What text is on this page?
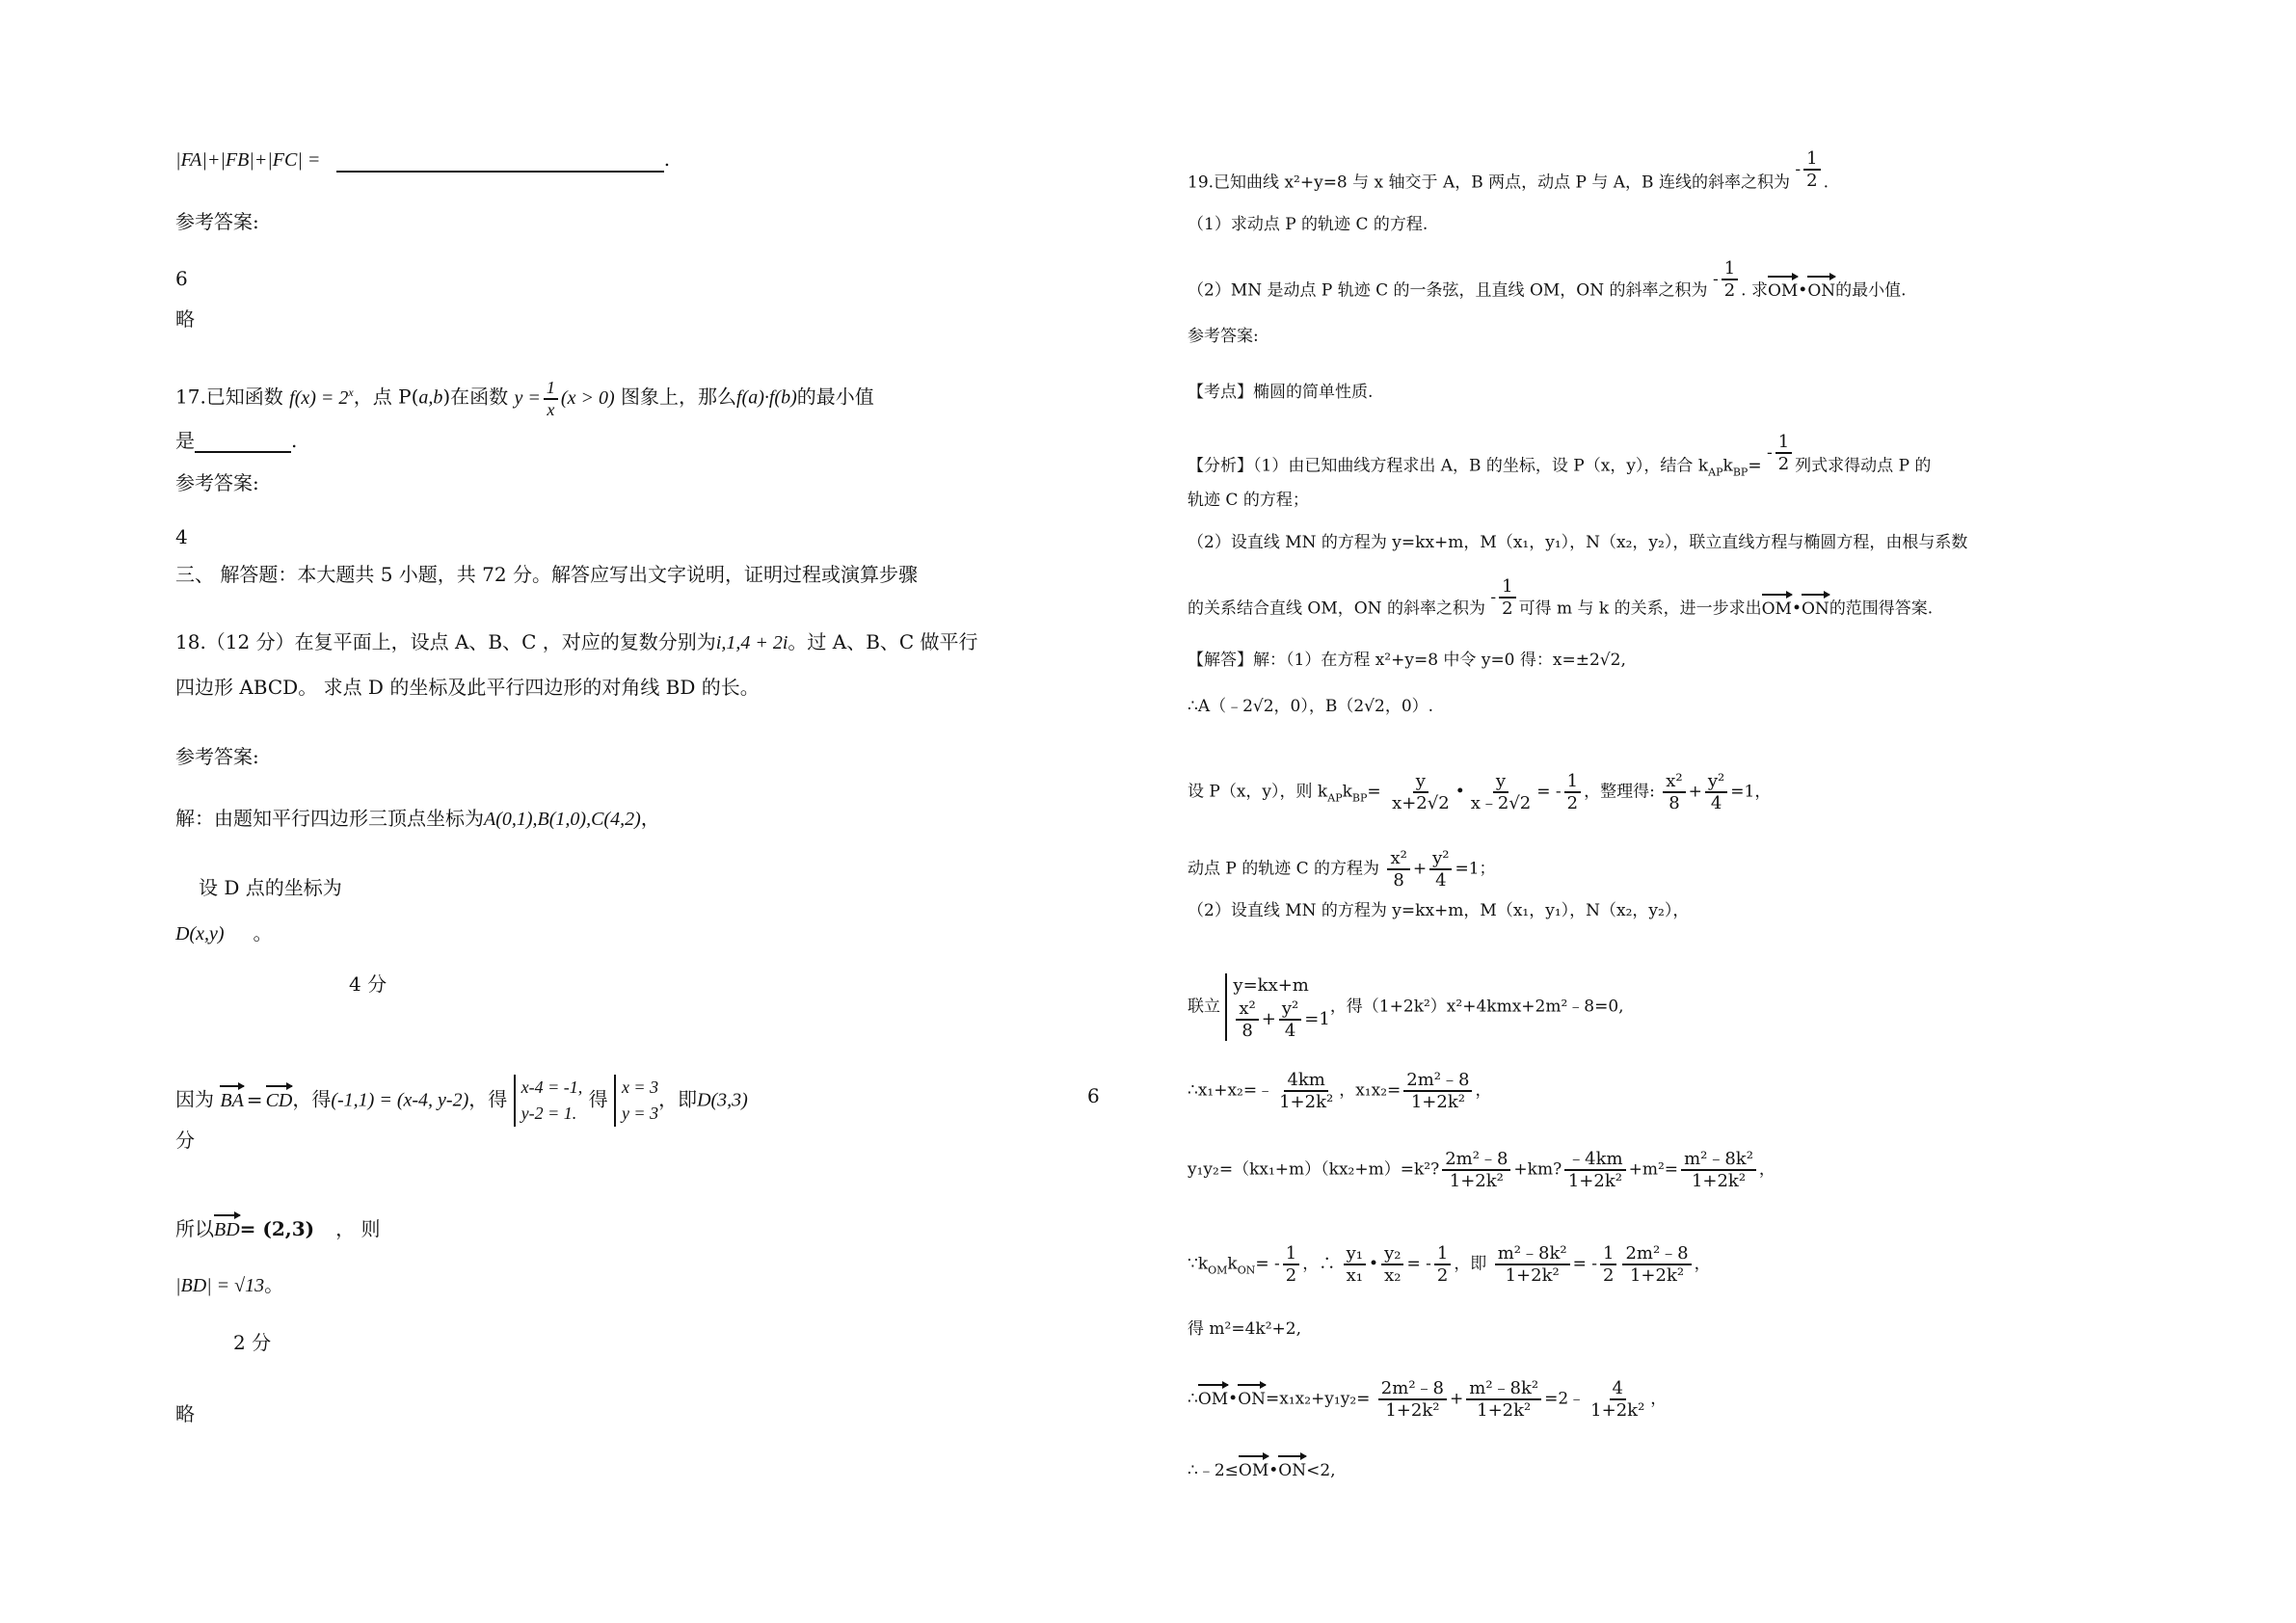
|FA|+|FB|+|FC| =	.
参考答案:
6
略
17.已知函数 $f(x) = 2^x$，点 P(a,b)在函数 $y = \frac{1}{x} (x > 0)$ 图象上，那么f(a)·f(b)的最小值
是	.
参考答案:
4
三、 解答题：本大题共 5 小题，共 72 分。解答应写出文字说明，证明过程或演算步骤
18.（12 分）在复平面上，设点 A、B、C ，对应的复数分别为i,1,4 + 2i。过 A、B、C 做平行
四边形 ABCD。 求点 D 的坐标及此平行四边形的对角线 BD 的长。
参考答案:
解：由题知平行四边形三顶点坐标为A(0,1),B(1,0),C(4,2)，
设 D 点的坐标为
D(x,y) 。
4 分
因为 BA = CD，得(-1,1) = (x-4, y-2)，得 x-4 = -1,
y-2 = 1. 得 x = 3
y = 3，即D(3,3)	6
分
所以BD= (2,3) ， 则
|BD| = √13。
2 分
略
19.已知曲线 x²+y=8 与 x 轴交于 A，B 两点，动点 P 与 A，B 连线的斜率之积为 - $\frac{1}{2}$ .
（1）求动点 P 的轨迹 C 的方程.
（2）MN 是动点 P 轨迹 C 的一条弦，且直线 OM，ON 的斜率之积为 - $\frac{1}{2}$ . 求OM•ON的最小值.
参考答案:
【考点】椭圆的简单性质.
【分析】（1）由已知曲线方程求出 A，B 的坐标，设 P（x，y），结合 $k_{AP}k_{BP}= - \frac{1}{2}$ 列式求得动点 P 的
轨迹 C 的方程；
（2）设直线 MN 的方程为 y=kx+m，M（x₁，y₁），N（x₂，y₂），联立直线方程与椭圆方程，由根与系数
的关系结合直线 OM，ON 的斜率之积为 - $\frac{1}{2}$ 可得 m 与 k 的关系，进一步求出OM•ON的范围得答案.
【解答】解：（1）在方程 x²+y=8 中令 y=0 得：x=±2√2,
∴A（﹣2√2，0），B（2√2，0）.
设 P（x，y），则 $k_{AP}k_{BP}= \frac{y}{x+2√2}$ • $\frac{y}{x﹣2√2}$ = - $\frac{1}{2}$ ，整理得: $\frac{\text{x²}}{8} + \frac{\text{y²}}{4} =1$，
动点 P 的轨迹 C 的方程为 $\frac{\text{x²}}{8} + \frac{\text{y²}}{4} =1$；
（2）设直线 MN 的方程为 y=kx+m，M（x₁，y₁），N（x₂，y₂），
联立 y=kx+m

$\frac{\text{x²}}{8} + \frac{\text{y²}}{4} =1$，得（1+2k²）x²+4kmx+2m²﹣8=0,
∴x₁+x₂=﹣ $\frac{4km}{\text{1+2k²}}$ ，$x_1x_2= \frac{\text{2m²﹣8}}{\text{1+2k²}}$ ，
y₁y₂=（kx₁+m）（kx₂+m）=k²? $\frac{\text{2m²﹣8}}{\text{1+2k²}} +km$? $\frac{﹣4km}{\text{1+2k²}} +m^2= \frac{\text{m²﹣8k²}}{\text{1+2k²}}$ ，
$\because k_{OM}k_{ON}= - \frac{1}{2}$ ，∴ $\frac{\text{y₁}}{\text{x₁}}$ • $\frac{\text{y₂}}{\text{x₂}}$ = - $\frac{1}{2}$ ，即 $\frac{\text{m²﹣8k²}}{\text{1+2k²}}$ = - $\frac{1}{2} \frac{\text{2m²﹣8}}{\text{1+2k²}}$ ，
得 m²=4k²+2,
∴OM•ON=x₁x₂+y₁y₂= $\frac{\text{2m²﹣8}}{\text{1+2k²}} + \frac{\text{m²﹣8k²}}{\text{1+2k²}}$ =2﹣ $\frac{4}{\text{1+2k²}}$ ，
∴﹣2≤OM•ON<2,
